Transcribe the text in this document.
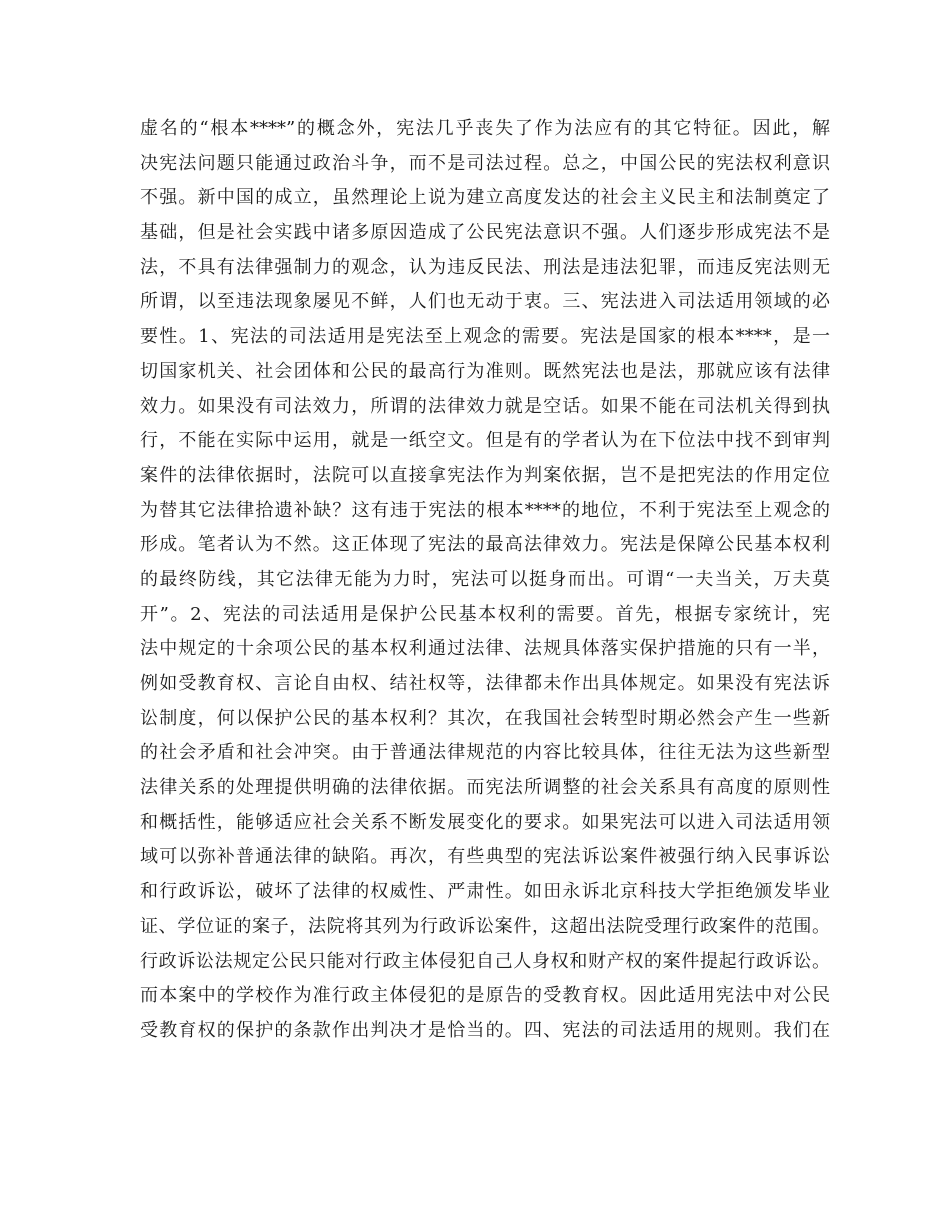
虚名的“根本****”的概念外，宪法几乎丧失了作为法应有的其它特征。因此，解
决宪法问题只能通过政治斗争，而不是司法过程。总之，中国公民的宪法权利意识
不强。新中国的成立，虽然理论上说为建立高度发达的社会主义民主和法制奠定了
基础，但是社会实践中诸多原因造成了公民宪法意识不强。人们逐步形成宪法不是
法，不具有法律强制力的观念，认为违反民法、刑法是违法犯罪，而违反宪法则无
所谓，以至违法现象屡见不鲜，人们也无动于衷。三、宪法进入司法适用领域的必
要性。1、宪法的司法适用是宪法至上观念的需要。宪法是国家的根本****，是一
切国家机关、社会团体和公民的最高行为准则。既然宪法也是法，那就应该有法律
效力。如果没有司法效力，所谓的法律效力就是空话。如果不能在司法机关得到执
行，不能在实际中运用，就是一纸空文。但是有的学者认为在下位法中找不到审判
案件的法律依据时，法院可以直接拿宪法作为判案依据，岂不是把宪法的作用定位
为替其它法律拾遗补缺？这有违于宪法的根本****的地位，不利于宪法至上观念的
形成。笔者认为不然。这正体现了宪法的最高法律效力。宪法是保障公民基本权利
的最终防线，其它法律无能为力时，宪法可以挺身而出。可谓“一夫当关，万夫莫
开”。2、宪法的司法适用是保护公民基本权利的需要。首先，根据专家统计，宪
法中规定的十余项公民的基本权利通过法律、法规具体落实保护措施的只有一半，
例如受教育权、言论自由权、结社权等，法律都未作出具体规定。如果没有宪法诉
讼制度，何以保护公民的基本权利？其次，在我国社会转型时期必然会产生一些新
的社会矛盾和社会冲突。由于普通法律规范的内容比较具体，往往无法为这些新型
法律关系的处理提供明确的法律依据。而宪法所调整的社会关系具有高度的原则性
和概括性，能够适应社会关系不断发展变化的要求。如果宪法可以进入司法适用领
域可以弥补普通法律的缺陷。再次，有些典型的宪法诉讼案件被强行纳入民事诉讼
和行政诉讼，破坏了法律的权威性、严肃性。如田永诉北京科技大学拒绝颁发毕业
证、学位证的案子，法院将其列为行政诉讼案件，这超出法院受理行政案件的范围。
行政诉讼法规定公民只能对行政主体侵犯自己人身权和财产权的案件提起行政诉讼。
而本案中的学校作为准行政主体侵犯的是原告的受教育权。因此适用宪法中对公民
受教育权的保护的条款作出判决才是恰当的。四、宪法的司法适用的规则。我们在
